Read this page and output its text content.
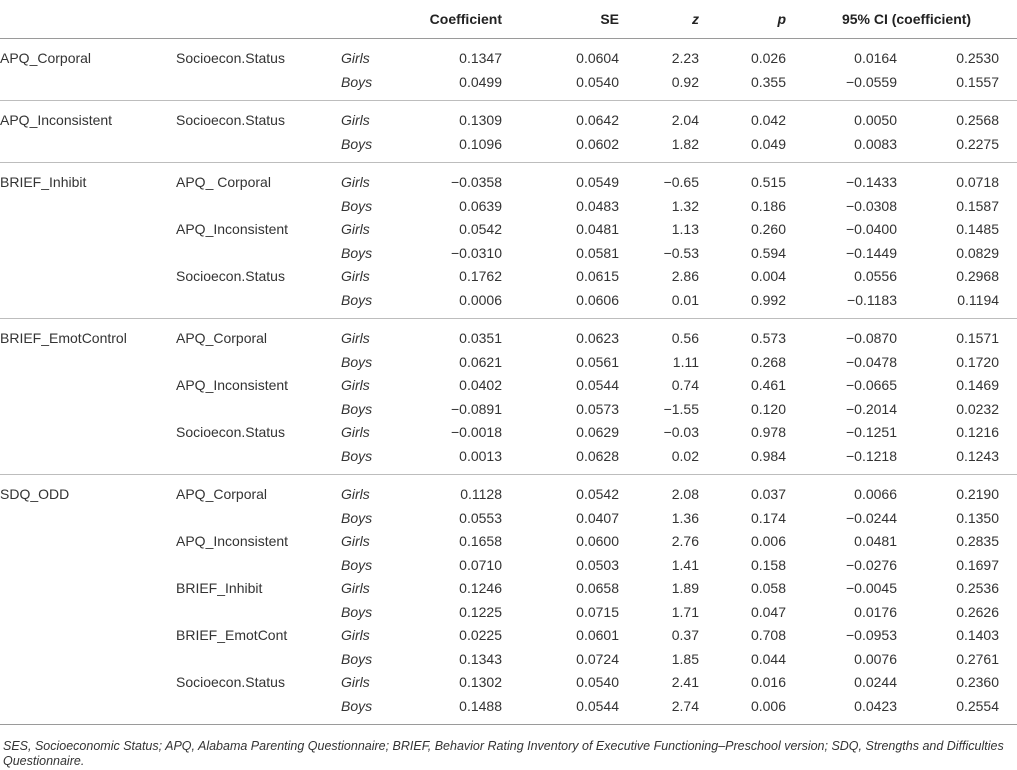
			Coefficient	SE	z	p	95% CI (coefficient)	
APQ_Corporal	Socioecon.Status	Girls	0.1347	0.0604	2.23	0.026	0.0164	0.2530
		Boys	0.0499	0.0540	0.92	0.355	−0.0559	0.1557
APQ_Inconsistent	Socioecon.Status	Girls	0.1309	0.0642	2.04	0.042	0.0050	0.2568
		Boys	0.1096	0.0602	1.82	0.049	0.0083	0.2275
BRIEF_Inhibit	APQ_ Corporal	Girls	−0.0358	0.0549	−0.65	0.515	−0.1433	0.0718
		Boys	0.0639	0.0483	1.32	0.186	−0.0308	0.1587
	APQ_Inconsistent	Girls	0.0542	0.0481	1.13	0.260	−0.0400	0.1485
		Boys	−0.0310	0.0581	−0.53	0.594	−0.1449	0.0829
	Socioecon.Status	Girls	0.1762	0.0615	2.86	0.004	0.0556	0.2968
		Boys	0.0006	0.0606	0.01	0.992	−0.1183	0.1194
BRIEF_EmotControl	APQ_Corporal	Girls	0.0351	0.0623	0.56	0.573	−0.0870	0.1571
		Boys	0.0621	0.0561	1.11	0.268	−0.0478	0.1720
	APQ_Inconsistent	Girls	0.0402	0.0544	0.74	0.461	−0.0665	0.1469
		Boys	−0.0891	0.0573	−1.55	0.120	−0.2014	0.0232
	Socioecon.Status	Girls	−0.0018	0.0629	−0.03	0.978	−0.1251	0.1216
		Boys	0.0013	0.0628	0.02	0.984	−0.1218	0.1243
SDQ_ODD	APQ_Corporal	Girls	0.1128	0.0542	2.08	0.037	0.0066	0.2190
		Boys	0.0553	0.0407	1.36	0.174	−0.0244	0.1350
	APQ_Inconsistent	Girls	0.1658	0.0600	2.76	0.006	0.0481	0.2835
		Boys	0.0710	0.0503	1.41	0.158	−0.0276	0.1697
	BRIEF_Inhibit	Girls	0.1246	0.0658	1.89	0.058	−0.0045	0.2536
		Boys	0.1225	0.0715	1.71	0.047	0.0176	0.2626
	BRIEF_EmotCont	Girls	0.0225	0.0601	0.37	0.708	−0.0953	0.1403
		Boys	0.1343	0.0724	1.85	0.044	0.0076	0.2761
	Socioecon.Status	Girls	0.1302	0.0540	2.41	0.016	0.0244	0.2360
		Boys	0.1488	0.0544	2.74	0.006	0.0423	0.2554
SES, Socioeconomic Status; APQ, Alabama Parenting Questionnaire; BRIEF, Behavior Rating Inventory of Executive Functioning–Preschool version; SDQ, Strengths and Difficulties Questionnaire.
